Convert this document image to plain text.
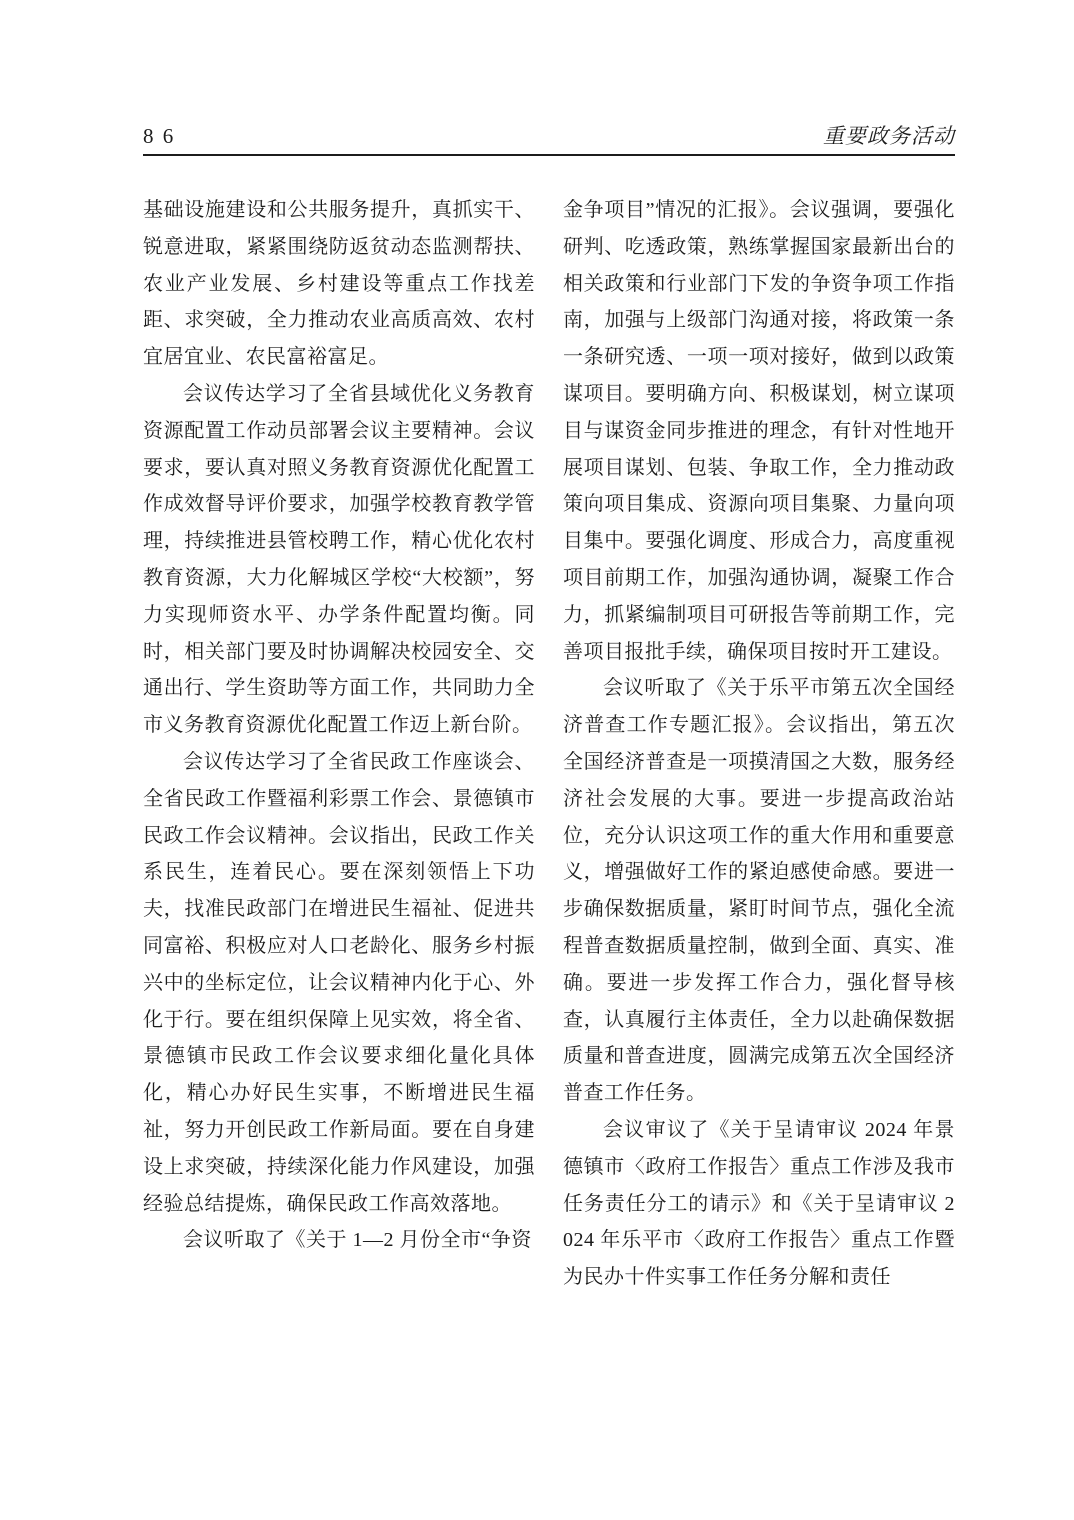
8 6	重要政务活动

基础设施建设和公共服务提升，真抓实干、锐意进取，紧紧围绕防返贫动态监测帮扶、农业产业发展、乡村建设等重点工作找差距、求突破，全力推动农业高质高效、农村宜居宜业、农民富裕富足。

会议传达学习了全省县域优化义务教育资源配置工作动员部署会议主要精神。会议要求，要认真对照义务教育资源优化配置工作成效督导评价要求，加强学校教育教学管理，持续推进县管校聘工作，精心优化农村教育资源，大力化解城区学校“大校额”，努力实现师资水平、办学条件配置均衡。同时，相关部门要及时协调解决校园安全、交通出行、学生资助等方面工作，共同助力全市义务教育资源优化配置工作迈上新台阶。

会议传达学习了全省民政工作座谈会、全省民政工作暨福利彩票工作会、景德镇市民政工作会议精神。会议指出，民政工作关系民生，连着民心。要在深刻领悟上下功夫，找准民政部门在增进民生福祉、促进共同富裕、积极应对人口老龄化、服务乡村振兴中的坐标定位，让会议精神内化于心、外化于行。要在组织保障上见实效，将全省、景德镇市民政工作会议要求细化量化具体化，精心办好民生实事，不断增进民生福祉，努力开创民政工作新局面。要在自身建设上求突破，持续深化能力作风建设，加强经验总结提炼，确保民政工作高效落地。

会议听取了《关于 1—2 月份全市“争资

金争项目”情况的汇报》。会议强调，要强化研判、吃透政策，熟练掌握国家最新出台的相关政策和行业部门下发的争资争项工作指南，加强与上级部门沟通对接，将政策一条一条研究透、一项一项对接好，做到以政策谋项目。要明确方向、积极谋划，树立谋项目与谋资金同步推进的理念，有针对性地开展项目谋划、包装、争取工作，全力推动政策向项目集成、资源向项目集聚、力量向项目集中。要强化调度、形成合力，高度重视项目前期工作，加强沟通协调，凝聚工作合力，抓紧编制项目可研报告等前期工作，完善项目报批手续，确保项目按时开工建设。

会议听取了《关于乐平市第五次全国经济普查工作专题汇报》。会议指出，第五次全国经济普查是一项摸清国之大数，服务经济社会发展的大事。要进一步提高政治站位，充分认识这项工作的重大作用和重要意义，增强做好工作的紧迫感使命感。要进一步确保数据质量，紧盯时间节点，强化全流程普查数据质量控制，做到全面、真实、准确。要进一步发挥工作合力，强化督导核查，认真履行主体责任，全力以赴确保数据质量和普查进度，圆满完成第五次全国经济普查工作任务。

会议审议了《关于呈请审议 2024 年景德镇市〈政府工作报告〉重点工作涉及我市任务责任分工的请示》和《关于呈请审议 2024 年乐平市〈政府工作报告〉重点工作暨为民办十件实事工作任务分解和责任
